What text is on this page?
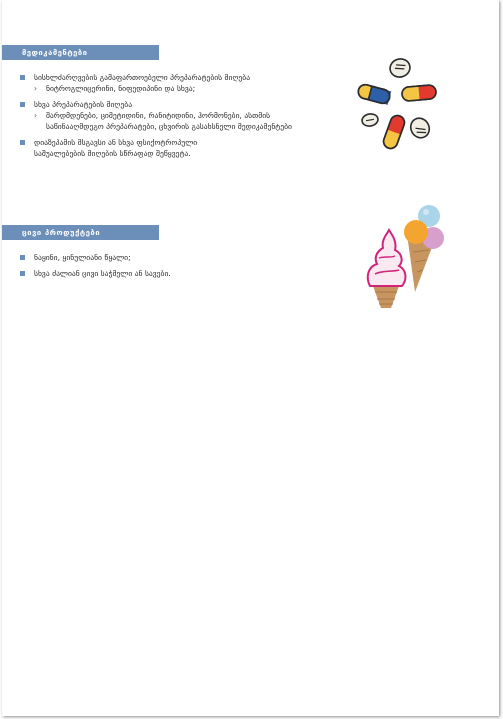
მედიკამენტები
სისხლძარღვების გამაფართოებელი პრეპარატების მიღება
› ნიტროგლიცერინი, ნიფედიპინი და სხვა;
სხვა პრეპარატების მიღება
› შარდმდენები, ციმეტიდინი, რანიტიდინი, ჰორმონები, ასთმის
საწინააღმდეგო პრეპარატები, ცხვირის გასახსნელი მედიკამენტები
დიაზეპამის მსგავსი ან სხვა ფსიქოტროპული
საშუალებების მიღების სწრაფად შეწყვეტა.
ცივი პროდუქტები
ნაყინი, ყინულიანი წყალი;
სხვა ძალიან ცივი საჭმელი ან სავები.
